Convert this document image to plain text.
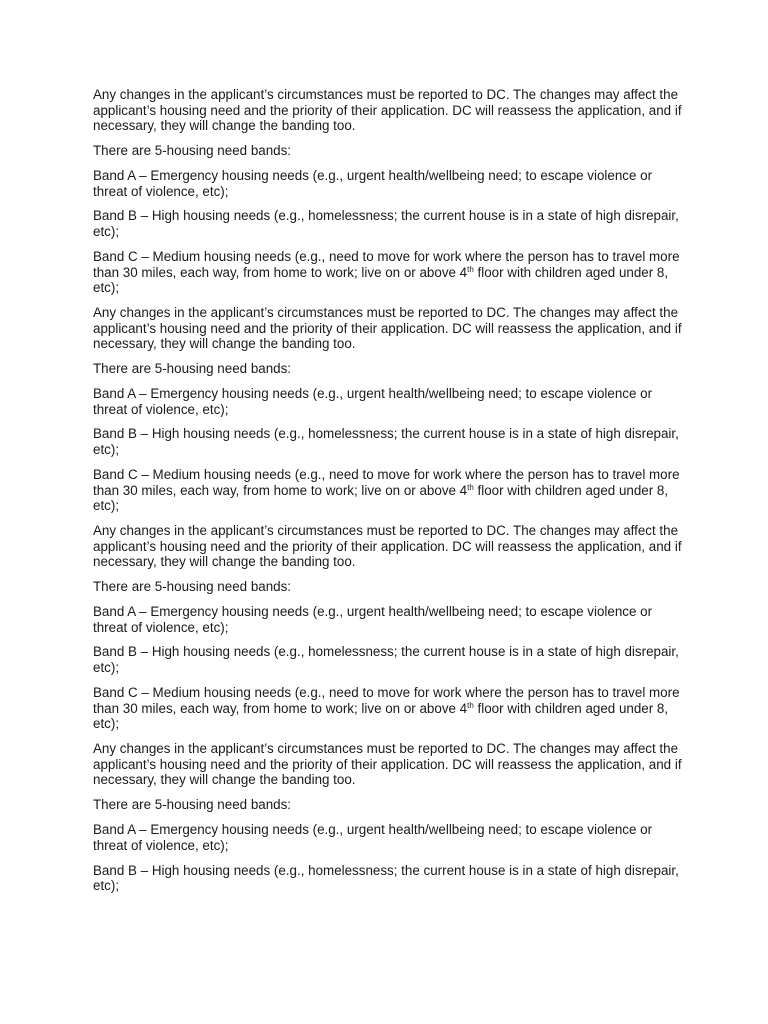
Any changes in the applicant’s circumstances must be reported to DC. The changes may affect the applicant’s housing need and the priority of their application. DC will reassess the application, and if necessary, they will change the banding too.

There are 5-housing need bands:

Band A – Emergency housing needs (e.g., urgent health/wellbeing need; to escape violence or threat of violence, etc);

Band B – High housing needs (e.g., homelessness; the current house is in a state of high disrepair, etc);

Band C – Medium housing needs (e.g., need to move for work where the person has to travel more than 30 miles, each way, from home to work; live on or above 4th floor with children aged under 8, etc);

Any changes in the applicant’s circumstances must be reported to DC. The changes may affect the applicant’s housing need and the priority of their application. DC will reassess the application, and if necessary, they will change the banding too.

There are 5-housing need bands:

Band A – Emergency housing needs (e.g., urgent health/wellbeing need; to escape violence or threat of violence, etc);

Band B – High housing needs (e.g., homelessness; the current house is in a state of high disrepair, etc);

Band C – Medium housing needs (e.g., need to move for work where the person has to travel more than 30 miles, each way, from home to work; live on or above 4th floor with children aged under 8, etc);

Any changes in the applicant’s circumstances must be reported to DC. The changes may affect the applicant’s housing need and the priority of their application. DC will reassess the application, and if necessary, they will change the banding too.

There are 5-housing need bands:

Band A – Emergency housing needs (e.g., urgent health/wellbeing need; to escape violence or threat of violence, etc);

Band B – High housing needs (e.g., homelessness; the current house is in a state of high disrepair, etc);

Band C – Medium housing needs (e.g., need to move for work where the person has to travel more than 30 miles, each way, from home to work; live on or above 4th floor with children aged under 8, etc);

Any changes in the applicant’s circumstances must be reported to DC. The changes may affect the applicant’s housing need and the priority of their application. DC will reassess the application, and if necessary, they will change the banding too.

There are 5-housing need bands:

Band A – Emergency housing needs (e.g., urgent health/wellbeing need; to escape violence or threat of violence, etc);

Band B – High housing needs (e.g., homelessness; the current house is in a state of high disrepair, etc);
